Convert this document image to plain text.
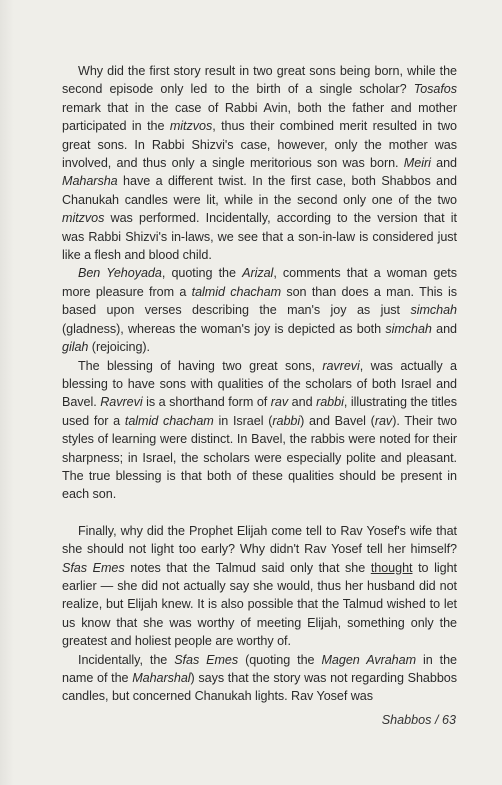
Why did the first story result in two great sons being born, while the second episode only led to the birth of a single scholar? Tosafos remark that in the case of Rabbi Avin, both the father and mother participated in the mitzvos, thus their combined merit resulted in two great sons. In Rabbi Shizvi's case, however, only the mother was involved, and thus only a single meritorious son was born. Meiri and Maharsha have a different twist. In the first case, both Shabbos and Chanukah candles were lit, while in the second only one of the two mitzvos was performed. Incidentally, according to the version that it was Rabbi Shizvi's in-laws, we see that a son-in-law is considered just like a flesh and blood child.

Ben Yehoyada, quoting the Arizal, comments that a woman gets more pleasure from a talmid chacham son than does a man. This is based upon verses describing the man's joy as just simchah (gladness), whereas the woman's joy is depicted as both simchah and gilah (rejoicing).

The blessing of having two great sons, ravrevi, was actually a blessing to have sons with qualities of the scholars of both Israel and Bavel. Ravrevi is a shorthand form of rav and rabbi, illustrating the titles used for a talmid chacham in Israel (rabbi) and Bavel (rav). Their two styles of learning were distinct. In Bavel, the rabbis were noted for their sharpness; in Israel, the scholars were especially polite and pleasant. The true blessing is that both of these qualities should be present in each son.

Finally, why did the Prophet Elijah come tell to Rav Yosef's wife that she should not light too early? Why didn't Rav Yosef tell her himself? Sfas Emes notes that the Talmud said only that she thought to light earlier — she did not actually say she would, thus her husband did not realize, but Elijah knew. It is also possible that the Talmud wished to let us know that she was worthy of meeting Elijah, something only the greatest and holiest people are worthy of.

Incidentally, the Sfas Emes (quoting the Magen Avraham in the name of the Maharshal) says that the story was not regarding Shabbos candles, but concerned Chanukah lights. Rav Yosef was

Shabbos / 63
